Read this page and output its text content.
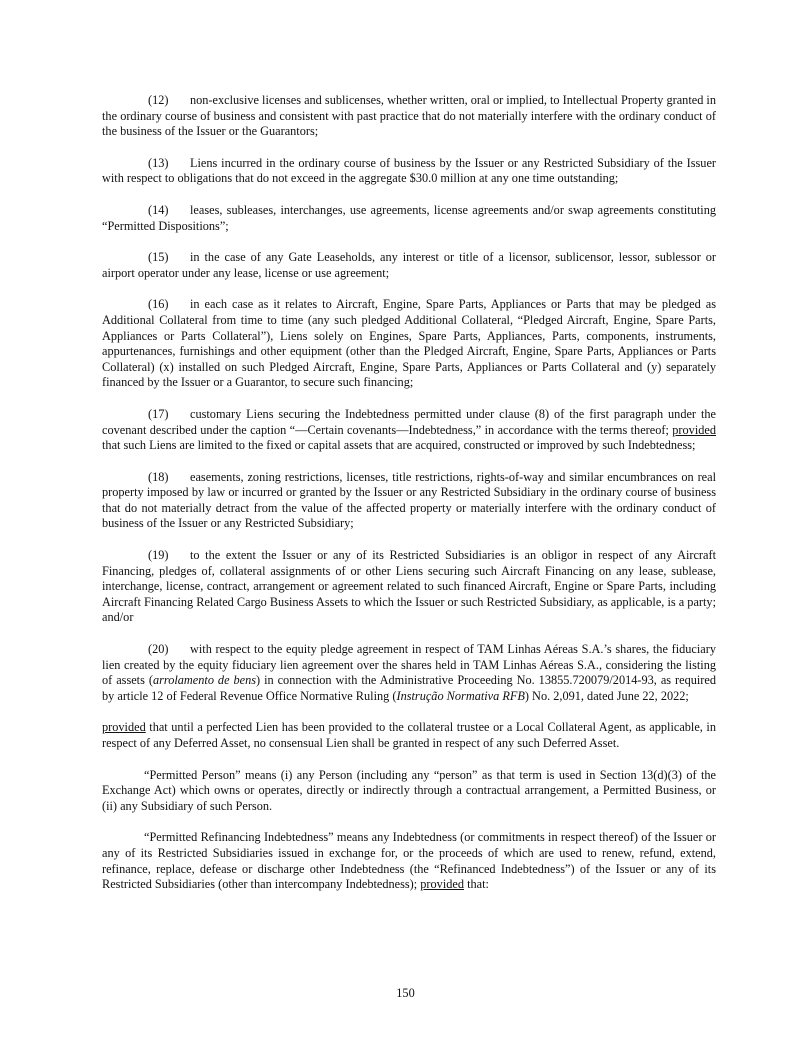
(12) non-exclusive licenses and sublicenses, whether written, oral or implied, to Intellectual Property granted in the ordinary course of business and consistent with past practice that do not materially interfere with the ordinary conduct of the business of the Issuer or the Guarantors;

(13) Liens incurred in the ordinary course of business by the Issuer or any Restricted Subsidiary of the Issuer with respect to obligations that do not exceed in the aggregate $30.0 million at any one time outstanding;

(14) leases, subleases, interchanges, use agreements, license agreements and/or swap agreements constituting “Permitted Dispositions”;

(15) in the case of any Gate Leaseholds, any interest or title of a licensor, sublicensor, lessor, sublessor or airport operator under any lease, license or use agreement;

(16) in each case as it relates to Aircraft, Engine, Spare Parts, Appliances or Parts that may be pledged as Additional Collateral from time to time (any such pledged Additional Collateral, “Pledged Aircraft, Engine, Spare Parts, Appliances or Parts Collateral”), Liens solely on Engines, Spare Parts, Appliances, Parts, components, instruments, appurtenances, furnishings and other equipment (other than the Pledged Aircraft, Engine, Spare Parts, Appliances or Parts Collateral) (x) installed on such Pledged Aircraft, Engine, Spare Parts, Appliances or Parts Collateral and (y) separately financed by the Issuer or a Guarantor, to secure such financing;

(17) customary Liens securing the Indebtedness permitted under clause (8) of the first paragraph under the covenant described under the caption “—Certain covenants—Indebtedness,” in accordance with the terms thereof; provided that such Liens are limited to the fixed or capital assets that are acquired, constructed or improved by such Indebtedness;

(18) easements, zoning restrictions, licenses, title restrictions, rights-of-way and similar encumbrances on real property imposed by law or incurred or granted by the Issuer or any Restricted Subsidiary in the ordinary course of business that do not materially detract from the value of the affected property or materially interfere with the ordinary conduct of business of the Issuer or any Restricted Subsidiary;

(19) to the extent the Issuer or any of its Restricted Subsidiaries is an obligor in respect of any Aircraft Financing, pledges of, collateral assignments of or other Liens securing such Aircraft Financing on any lease, sublease, interchange, license, contract, arrangement or agreement related to such financed Aircraft, Engine or Spare Parts, including Aircraft Financing Related Cargo Business Assets to which the Issuer or such Restricted Subsidiary, as applicable, is a party; and/or

(20) with respect to the equity pledge agreement in respect of TAM Linhas Aéreas S.A.’s shares, the fiduciary lien created by the equity fiduciary lien agreement over the shares held in TAM Linhas Aéreas S.A., considering the listing of assets (arrolamento de bens) in connection with the Administrative Proceeding No. 13855.720079/2014-93, as required by article 12 of Federal Revenue Office Normative Ruling (Instrução Normativa RFB) No. 2,091, dated June 22, 2022;

provided that until a perfected Lien has been provided to the collateral trustee or a Local Collateral Agent, as applicable, in respect of any Deferred Asset, no consensual Lien shall be granted in respect of any such Deferred Asset.

“Permitted Person” means (i) any Person (including any “person” as that term is used in Section 13(d)(3) of the Exchange Act) which owns or operates, directly or indirectly through a contractual arrangement, a Permitted Business, or (ii) any Subsidiary of such Person.

“Permitted Refinancing Indebtedness” means any Indebtedness (or commitments in respect thereof) of the Issuer or any of its Restricted Subsidiaries issued in exchange for, or the proceeds of which are used to renew, refund, extend, refinance, replace, defease or discharge other Indebtedness (the “Refinanced Indebtedness”) of the Issuer or any of its Restricted Subsidiaries (other than intercompany Indebtedness); provided that:

150
